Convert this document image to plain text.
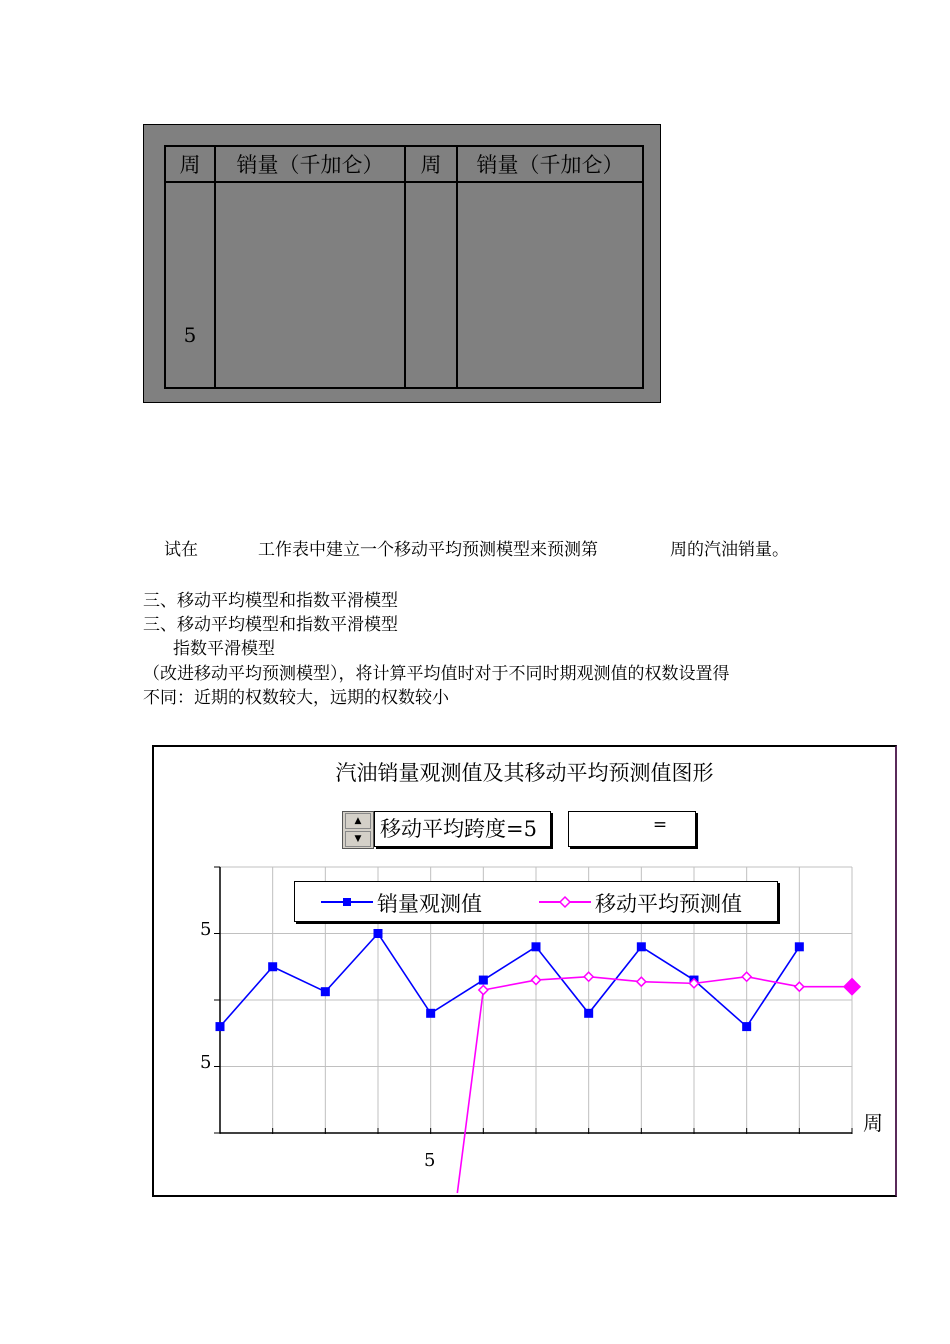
周	销量（千加仑）	周	销量（千加仑）
5			
试在	工作表中建立一个移动平均预测模型来预测第	周的汽油销量。
三、移动平均模型和指数平滑模型
三、移动平均模型和指数平滑模型
指数平滑模型
（改进移动平均预测模型），将计算平均值时对于不同时期观测值的权数设置得
不同：近期的权数较大，远期的权数较小
汽油销量观测值及其移动平均预测值图形
▲
▼ 移动平均跨度=5	=
销量观测值	移动平均预测值
5
5
5
周
